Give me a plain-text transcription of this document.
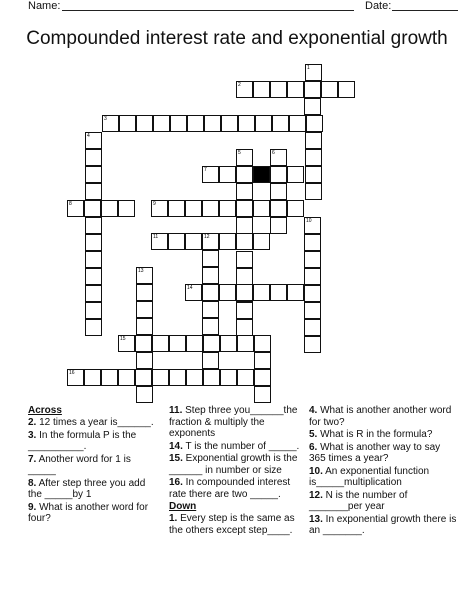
Name:	Date:
Compounded interest rate and exponential growth
1
2
3
4
5	6
7
8	9
10
11	12
13
14
15
16
Across

2. 12 times a year is______.

3. In the formula P is the __________.

7. Another word for 1 is _____

8. After step three you add the _____by 1

9. What is another word for four?

11. Step three you______the fraction & multiply the exponents

14. T is the number of _____.

15. Exponential growth is the ______ in number or size

16. In compounded interest rate there are two _____.

Down

1. Every step is the same as the others except step____.

4. What is another another word for two?

5. What is R in the formula?

6. What is another way to say 365 times a year?

10. An exponential function is_____multiplication

12. N is the number of _______per year

13. In exponential growth there is an _______.
